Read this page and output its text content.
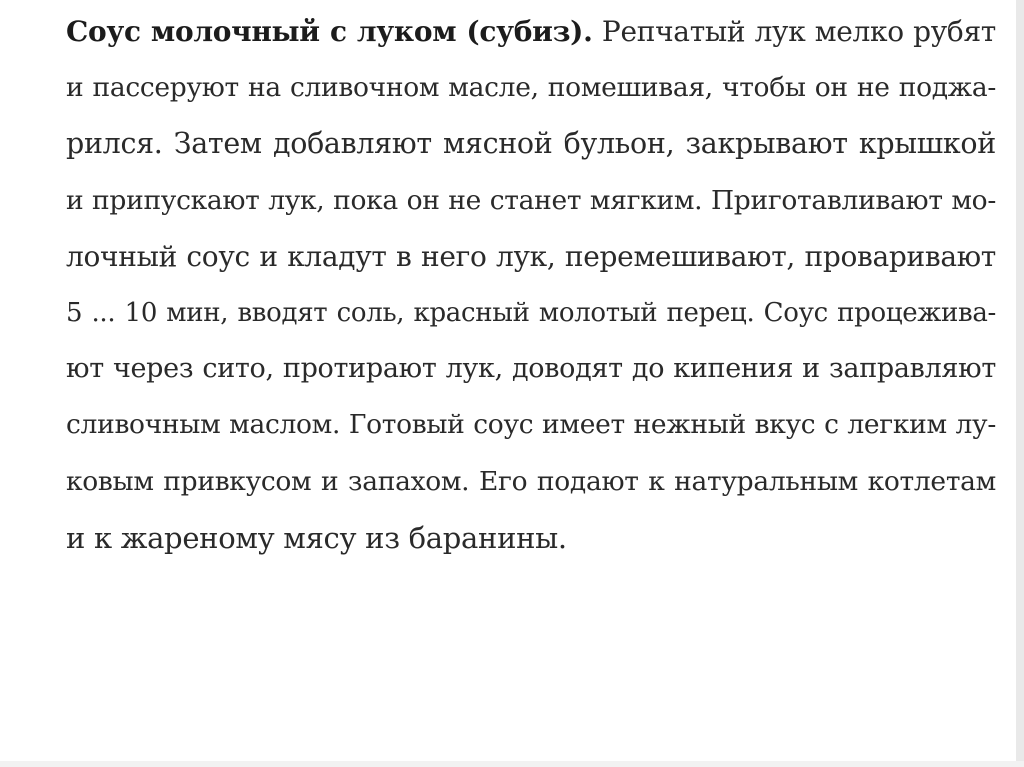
Соус молочный с луком (субиз). Репчатый лук мелко рубят
и пассеруют на сливочном масле, помешивая, чтобы он не поджа-
рился. Затем добавляют мясной бульон, закрывают крышкой
и припускают лук, пока он не станет мягким. Приготавливают мо-
лочный соус и кладут в него лук, перемешивают, проваривают
5 ... 10 мин, вводят соль, красный молотый перец. Соус процежива-
ют через сито, протирают лук, доводят до кипения и заправляют
сливочным маслом. Готовый соус имеет нежный вкус с легким лу-
ковым привкусом и запахом. Его подают к натуральным котлетам
и к жареному мясу из баранины.
